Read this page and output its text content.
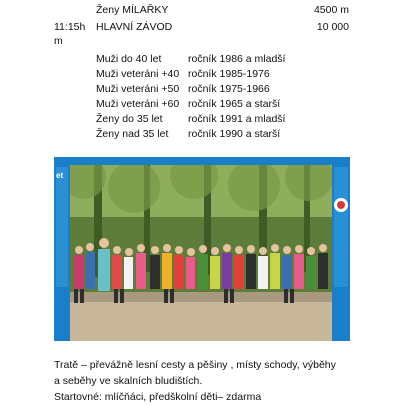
Ženy MÍLAŘKY	4500 m
11:15h
m
HLAVNÍ ZÁVOD	10 000
Muži do 40 let	ročník 1986 a mladší
Muži veteráni +40 ročník 1985-1976
Muži veteráni +50 ročník 1975-1966
Muži veteráni +60 ročník 1965 a starší
Ženy do 35 let ročník 1991 a mladší
Ženy nad 35 let ročník 1990 a starší
et
Tratě – převážně lesní cesty a pěšiny , místy schody, výběhy
a seběhy ve skalních bludištích.
Startovné: mlíčňáci, předškolní děti– zdarma
